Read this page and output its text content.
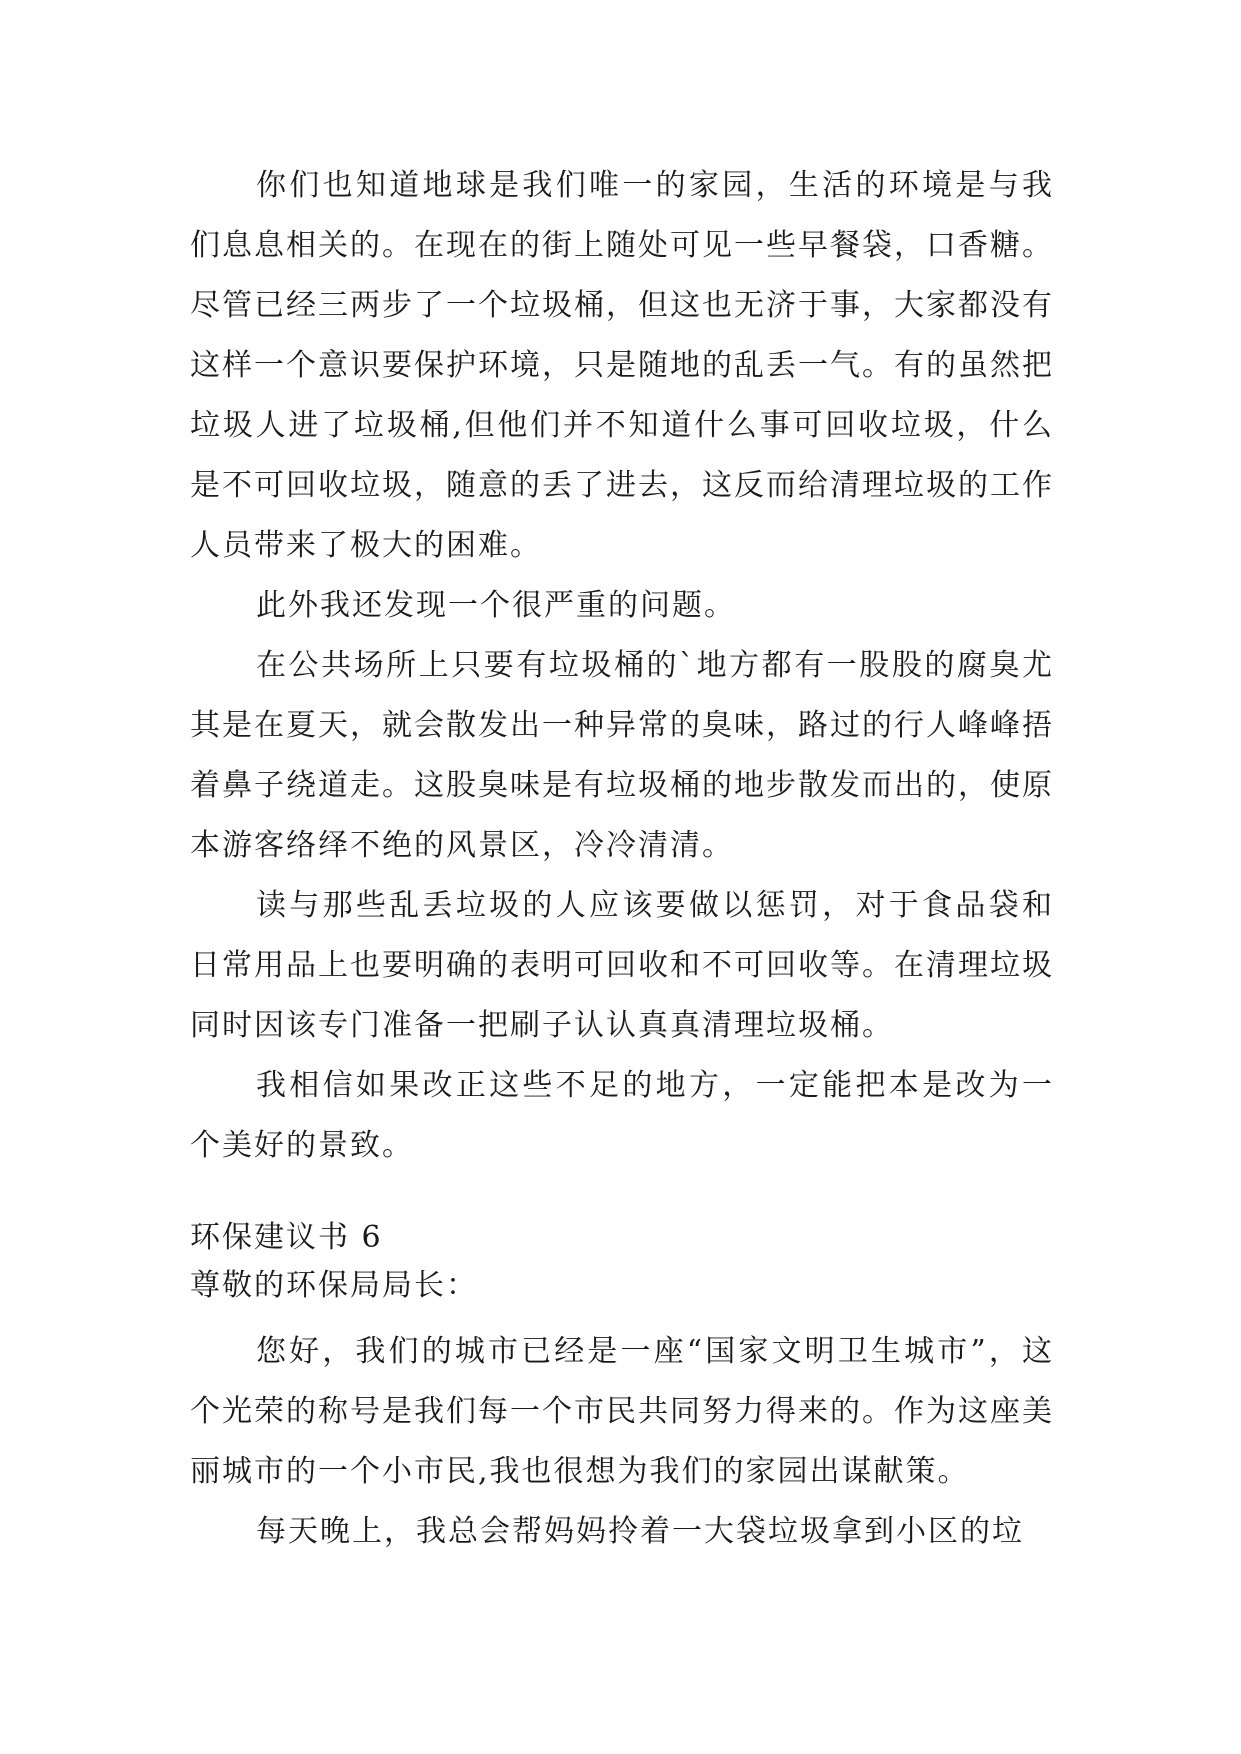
你们也知道地球是我们唯一的家园，生活的环境是与我们息息相关的。在现在的街上随处可见一些早餐袋，口香糖。尽管已经三两步了一个垃圾桶，但这也无济于事，大家都没有这样一个意识要保护环境，只是随地的乱丢一气。有的虽然把垃圾人进了垃圾桶,但他们并不知道什么事可回收垃圾，什么是不可回收垃圾，随意的丢了进去，这反而给清理垃圾的工作人员带来了极大的困难。

此外我还发现一个很严重的问题。

在公共场所上只要有垃圾桶的`地方都有一股股的腐臭尤其是在夏天，就会散发出一种异常的臭味，路过的行人峰峰捂着鼻子绕道走。这股臭味是有垃圾桶的地步散发而出的，使原本游客络绎不绝的风景区，冷冷清清。

读与那些乱丢垃圾的人应该要做以惩罚，对于食品袋和日常用品上也要明确的表明可回收和不可回收等。在清理垃圾同时因该专门准备一把刷子认认真真清理垃圾桶。

我相信如果改正这些不足的地方，一定能把本是改为一个美好的景致。

环保建议书 6

尊敬的环保局局长：

您好，我们的城市已经是一座“国家文明卫生城市”，这个光荣的称号是我们每一个市民共同努力得来的。作为这座美丽城市的一个小市民,我也很想为我们的家园出谋献策。

每天晚上，我总会帮妈妈拎着一大袋垃圾拿到小区的垃
